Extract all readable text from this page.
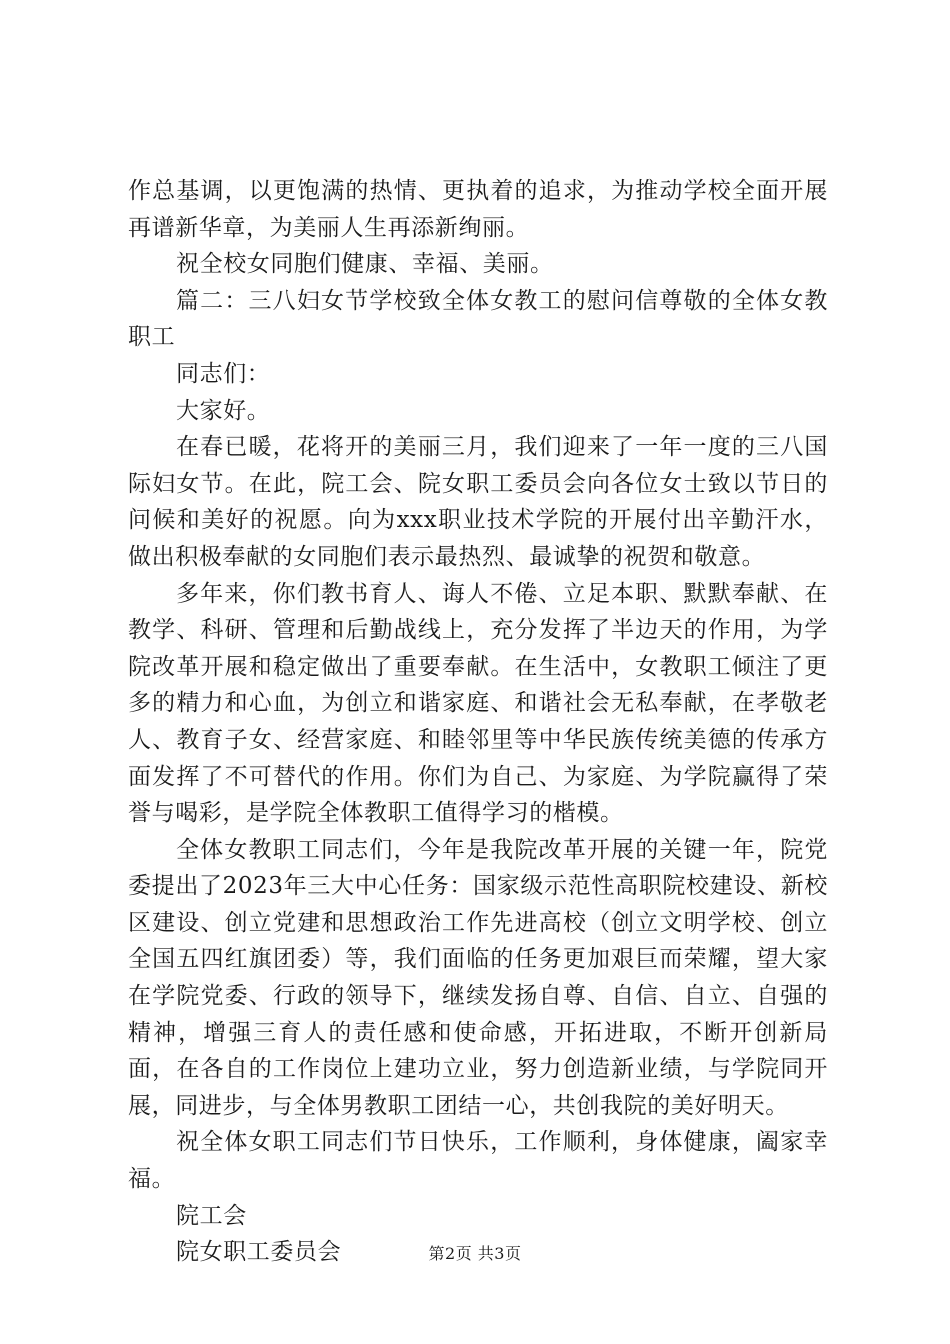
作总基调，以更饱满的热情、更执着的追求，为推动学校全面开展再谱新华章，为美丽人生再添新绚丽。

祝全校女同胞们健康、幸福、美丽。

篇二：三八妇女节学校致全体女教工的慰问信尊敬的全体女教职工

同志们：

大家好。

在春已暖，花将开的美丽三月，我们迎来了一年一度的三八国际妇女节。在此，院工会、院女职工委员会向各位女士致以节日的问候和美好的祝愿。向为xxx职业技术学院的开展付出辛勤汗水，做出积极奉献的女同胞们表示最热烈、最诚挚的祝贺和敬意。

多年来，你们教书育人、诲人不倦、立足本职、默默奉献、在教学、科研、管理和后勤战线上，充分发挥了半边天的作用，为学院改革开展和稳定做出了重要奉献。在生活中，女教职工倾注了更多的精力和心血，为创立和谐家庭、和谐社会无私奉献，在孝敬老人、教育子女、经营家庭、和睦邻里等中华民族传统美德的传承方面发挥了不可替代的作用。你们为自己、为家庭、为学院赢得了荣誉与喝彩，是学院全体教职工值得学习的楷模。

全体女教职工同志们，今年是我院改革开展的关键一年，院党委提出了2023年三大中心任务：国家级示范性高职院校建设、新校区建设、创立党建和思想政治工作先进高校（创立文明学校、创立全国五四红旗团委）等，我们面临的任务更加艰巨而荣耀，望大家在学院党委、行政的领导下，继续发扬自尊、自信、自立、自强的精神，增强三育人的责任感和使命感，开拓进取，不断开创新局面，在各自的工作岗位上建功立业，努力创造新业绩，与学院同开展，同进步，与全体男教职工团结一心，共创我院的美好明天。

祝全体女职工同志们节日快乐，工作顺利，身体健康，阖家幸福。

院工会

院女职工委员会	第2页 共3页
